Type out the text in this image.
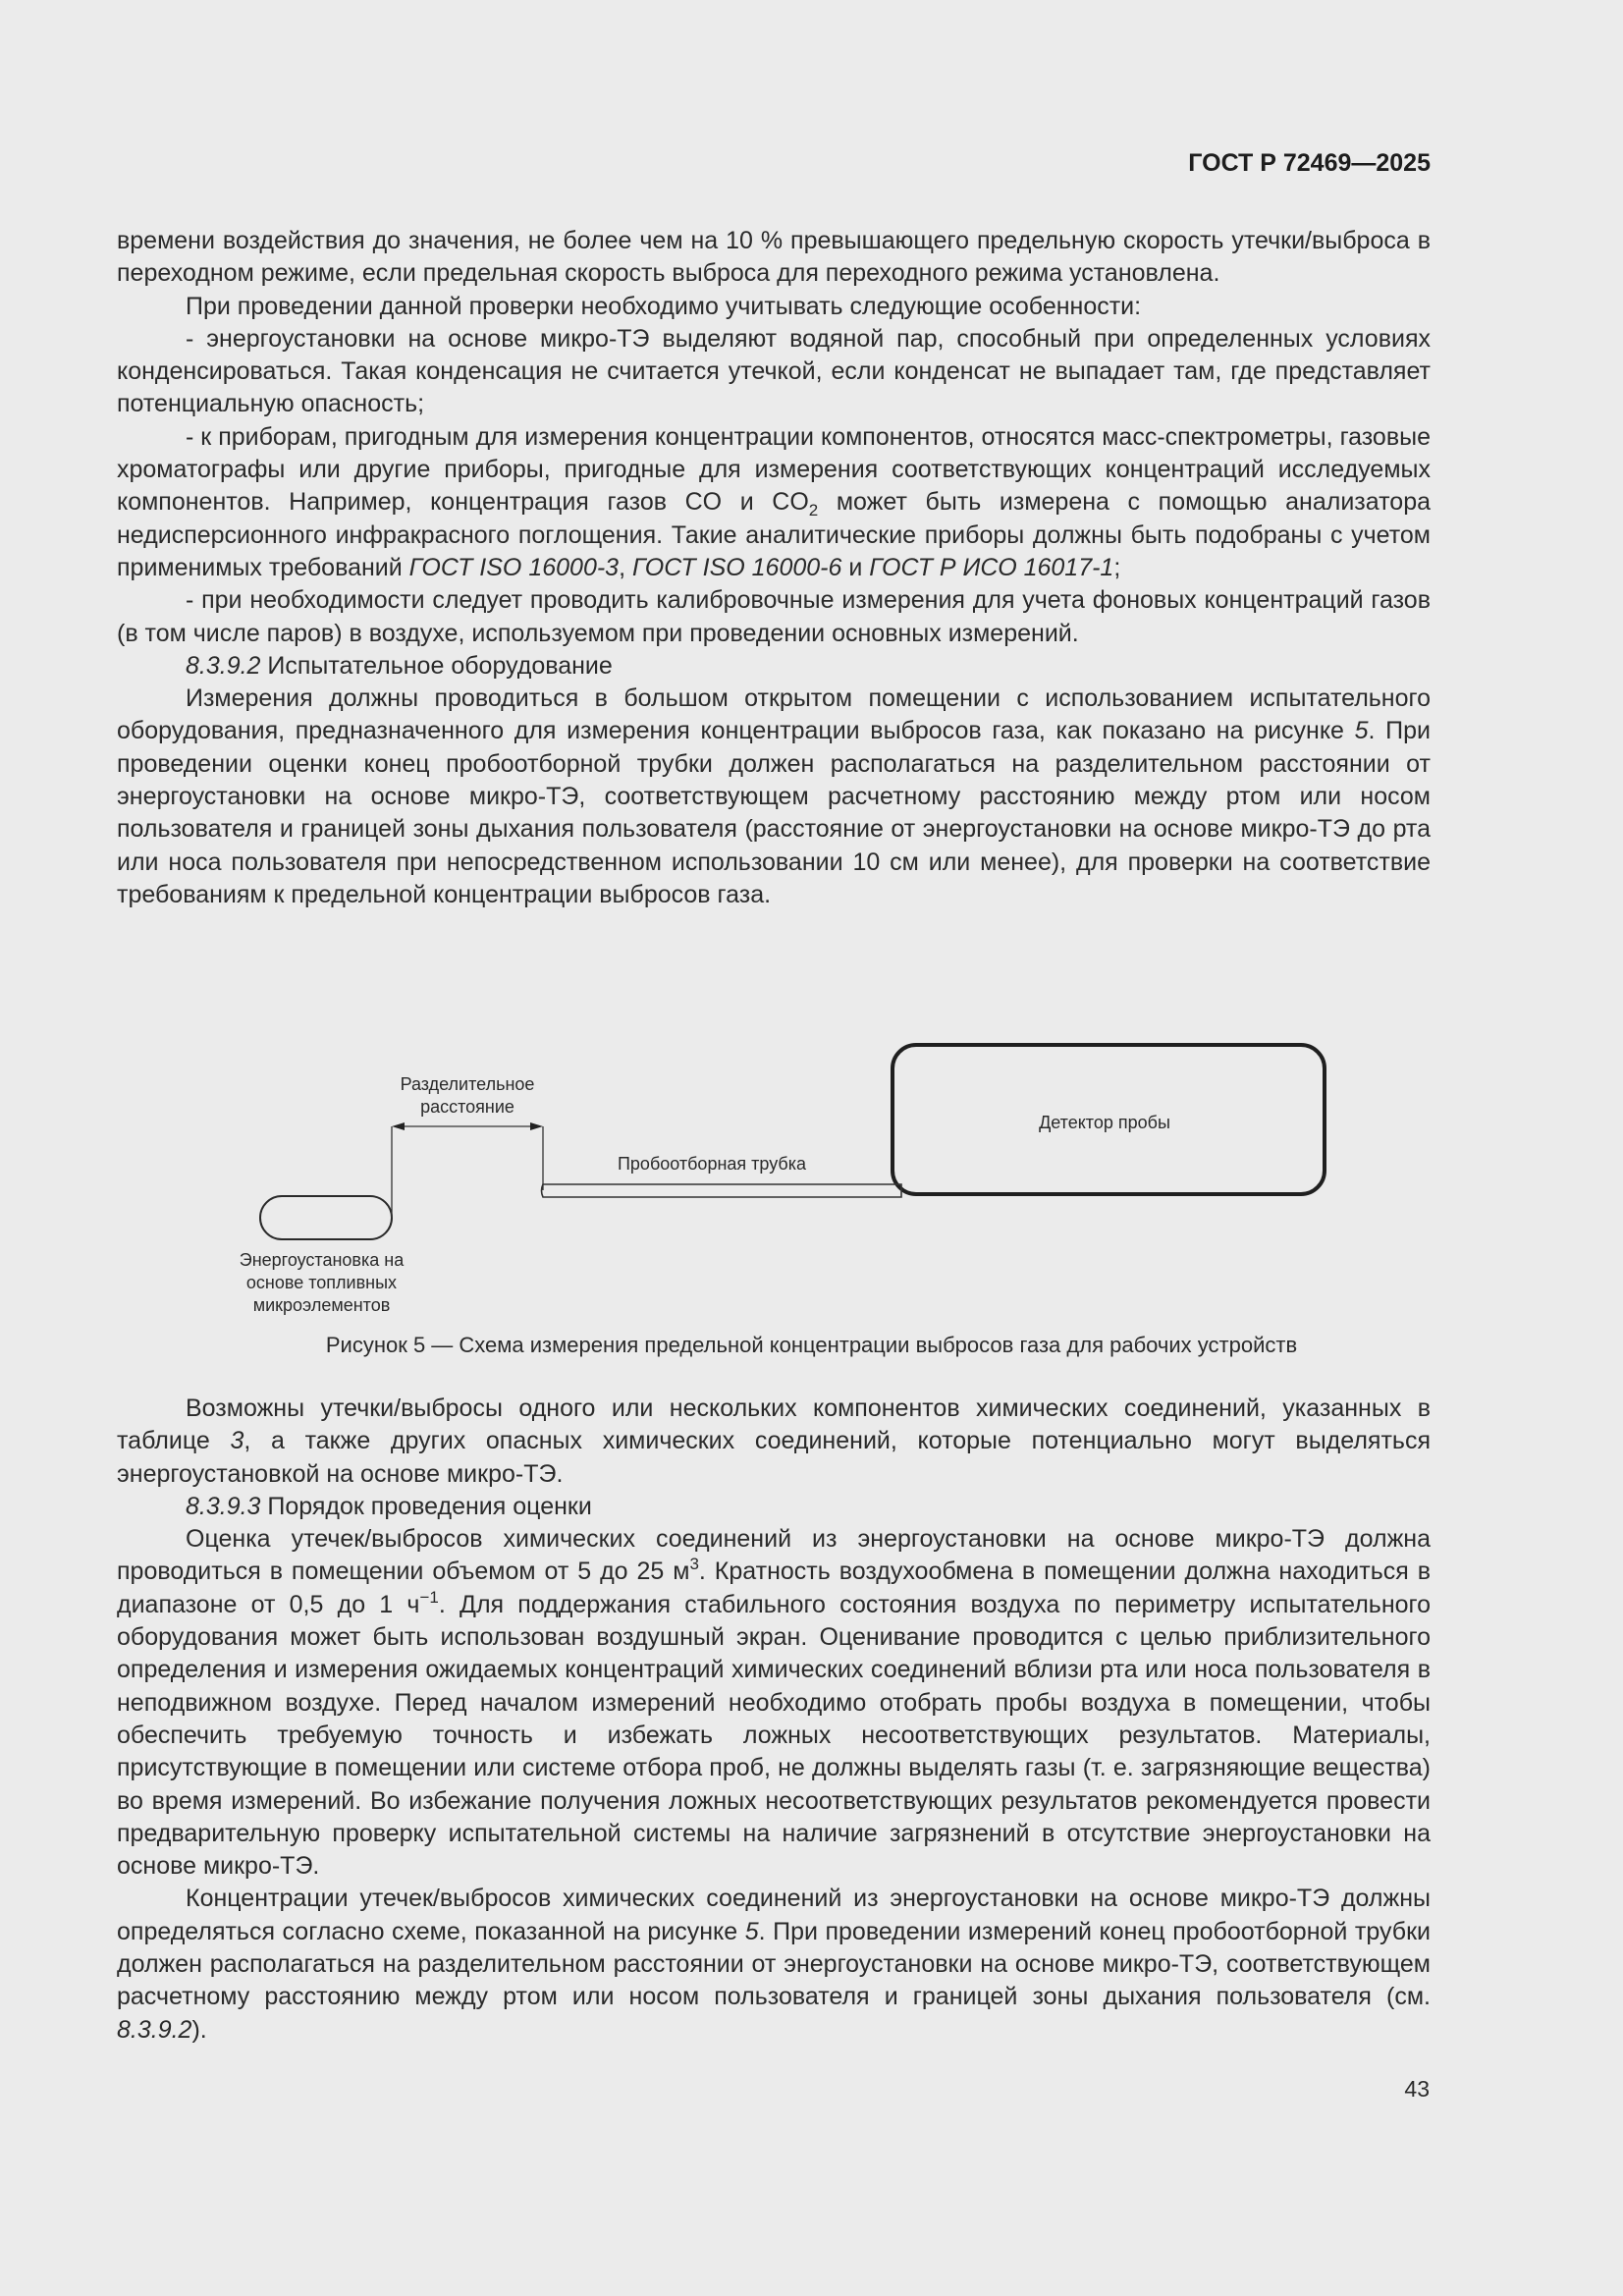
ГОСТ Р 72469—2025

времени воздействия до значения, не более чем на 10 % превышающего предельную скорость утечки/выброса в переходном режиме, если предельная скорость выброса для переходного режима установлена.

При проведении данной проверки необходимо учитывать следующие особенности:

- энергоустановки на основе микро-ТЭ выделяют водяной пар, способный при определенных условиях конденсироваться. Такая конденсация не считается утечкой, если конденсат не выпадает там, где представляет потенциальную опасность;

- к приборам, пригодным для измерения концентрации компонентов, относятся масс-спектрометры, газовые хроматографы или другие приборы, пригодные для измерения соответствующих концентраций исследуемых компонентов. Например, концентрация газов CO и $CO_2$ может быть измерена с помощью анализатора недисперсионного инфракрасного поглощения. Такие аналитические приборы должны быть подобраны с учетом применимых требований ГОСТ ISO 16000-3, ГОСТ ISO 16000-6 и ГОСТ Р ИСО 16017-1;

- при необходимости следует проводить калибровочные измерения для учета фоновых концентраций газов (в том числе паров) в воздухе, используемом при проведении основных измерений.

8.3.9.2 Испытательное оборудование

Измерения должны проводиться в большом открытом помещении с использованием испытательного оборудования, предназначенного для измерения концентрации выбросов газа, как показано на рисунке 5. При проведении оценки конец пробоотборной трубки должен располагаться на разделительном расстоянии от энергоустановки на основе микро-ТЭ, соответствующем расчетному расстоянию между ртом или носом пользователя и границей зоны дыхания пользователя (расстояние от энергоустановки на основе микро-ТЭ до рта или носа пользователя при непосредственном использовании 10 см или менее), для проверки на соответствие требованиям к предельной концентрации выбросов газа.

Разделительное расстояние
Пробоотборная трубка
Детектор пробы
Энергоустановка на основе топливных микроэлементов
Рисунок 5 — Схема измерения предельной концентрации выбросов газа для рабочих устройств

Возможны утечки/выбросы одного или нескольких компонентов химических соединений, указанных в таблице 3, а также других опасных химических соединений, которые потенциально могут выделяться энергоустановкой на основе микро-ТЭ.

8.3.9.3 Порядок проведения оценки

Оценка утечек/выбросов химических соединений из энергоустановки на основе микро-ТЭ должна проводиться в помещении объемом от 5 до 25 $м^3$. Кратность воздухообмена в помещении должна находиться в диапазоне от 0,5 до 1 $ч^{-1}$. Для поддержания стабильного состояния воздуха по периметру испытательного оборудования может быть использован воздушный экран. Оценивание проводится с целью приблизительного определения и измерения ожидаемых концентраций химических соединений вблизи рта или носа пользователя в неподвижном воздухе. Перед началом измерений необходимо отобрать пробы воздуха в помещении, чтобы обеспечить требуемую точность и избежать ложных несоответствующих результатов. Материалы, присутствующие в помещении или системе отбора проб, не должны выделять газы (т. е. загрязняющие вещества) во время измерений. Во избежание получения ложных несоответствующих результатов рекомендуется провести предварительную проверку испытательной системы на наличие загрязнений в отсутствие энергоустановки на основе микро-ТЭ.

Концентрации утечек/выбросов химических соединений из энергоустановки на основе микро-ТЭ должны определяться согласно схеме, показанной на рисунке 5. При проведении измерений конец пробоотборной трубки должен располагаться на разделительном расстоянии от энергоустановки на основе микро-ТЭ, соответствующем расчетному расстоянию между ртом или носом пользователя и границей зоны дыхания пользователя (см. 8.3.9.2).

43
